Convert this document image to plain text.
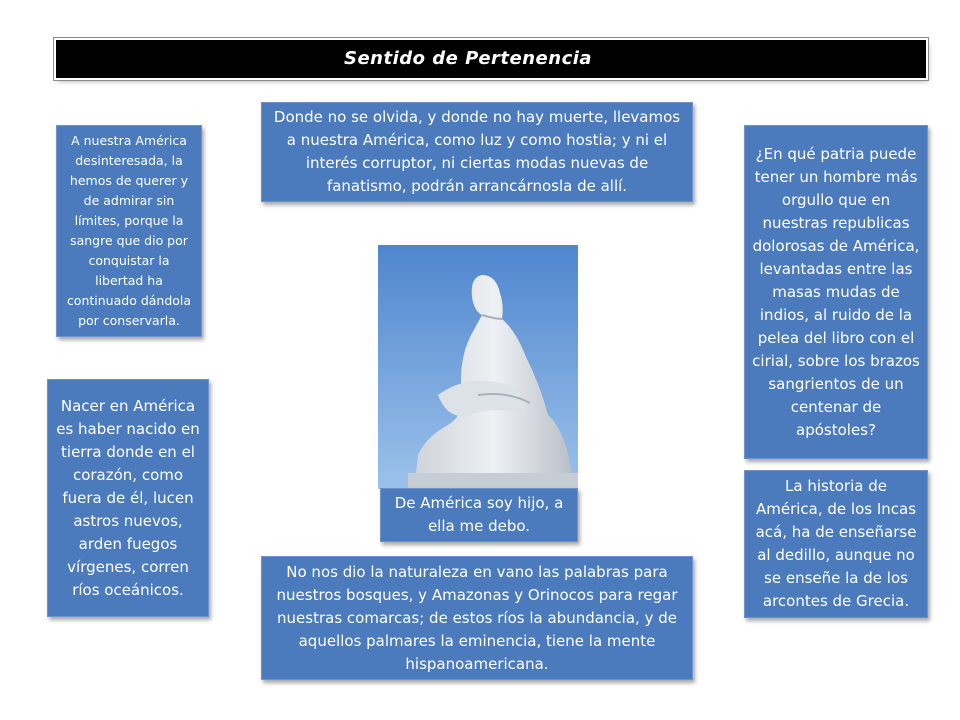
Sentido de Pertenencia
Donde no se olvida, y donde no hay muerte, llevamos a nuestra América, como luz y como hostia; y ni el interés corruptor, ni ciertas modas nuevas de fanatismo, podrán arrancárnosla de allí.
A nuestra América desinteresada, la hemos de querer y de admirar sin límites, porque la sangre que dio por conquistar la libertad ha continuado dándola por conservarla.
Nacer en América es haber nacido en tierra donde en el corazón, como fuera de él, lucen astros nuevos, arden fuegos vírgenes, corren ríos oceánicos.
¿En qué patria puede tener un hombre más orgullo que en nuestras republicas dolorosas de América, levantadas entre las masas mudas de indios, al ruido de la pelea del libro con el cirial, sobre los brazos sangrientos de un centenar de apóstoles?
La historia de América, de los Incas acá, ha de enseñarse al dedillo, aunque no se enseñe la de los arcontes de Grecia.
De América soy hijo, a ella me debo.
No nos dio la naturaleza en vano las palabras para nuestros bosques, y Amazonas y Orinocos para regar nuestras comarcas; de estos ríos la abundancia, y de aquellos palmares la eminencia, tiene la mente hispanoamericana.
